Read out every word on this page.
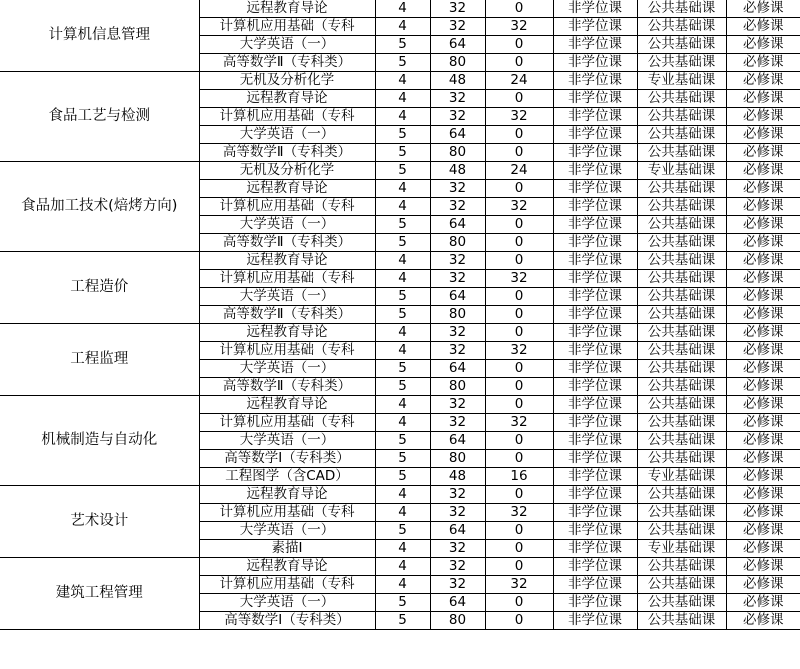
计算机信息管理	远程教育导论	4	32	0	非学位课	公共基础课	必修课
	计算机应用基础（专科	4	32	32	非学位课	公共基础课	必修课
	大学英语（一）	5	64	0	非学位课	公共基础课	必修课
	高等数学Ⅱ（专科类）	5	80	0	非学位课	公共基础课	必修课
食品工艺与检测	无机及分析化学	4	48	24	非学位课	专业基础课	必修课
	远程教育导论	4	32	0	非学位课	公共基础课	必修课
	计算机应用基础（专科	4	32	32	非学位课	公共基础课	必修课
	大学英语（一）	5	64	0	非学位课	公共基础课	必修课
	高等数学Ⅱ（专科类）	5	80	0	非学位课	公共基础课	必修课
食品加工技术(焙烤方向)	无机及分析化学	5	48	24	非学位课	专业基础课	必修课
	远程教育导论	4	32	0	非学位课	公共基础课	必修课
	计算机应用基础（专科	4	32	32	非学位课	公共基础课	必修课
	大学英语（一）	5	64	0	非学位课	公共基础课	必修课
	高等数学Ⅱ（专科类）	5	80	0	非学位课	公共基础课	必修课
工程造价	远程教育导论	4	32	0	非学位课	公共基础课	必修课
	计算机应用基础（专科	4	32	32	非学位课	公共基础课	必修课
	大学英语（一）	5	64	0	非学位课	公共基础课	必修课
	高等数学Ⅱ（专科类）	5	80	0	非学位课	公共基础课	必修课
工程监理	远程教育导论	4	32	0	非学位课	公共基础课	必修课
	计算机应用基础（专科	4	32	32	非学位课	公共基础课	必修课
	大学英语（一）	5	64	0	非学位课	公共基础课	必修课
	高等数学Ⅱ（专科类）	5	80	0	非学位课	公共基础课	必修课
机械制造与自动化	远程教育导论	4	32	0	非学位课	公共基础课	必修课
	计算机应用基础（专科	4	32	32	非学位课	公共基础课	必修课
	大学英语（一）	5	64	0	非学位课	公共基础课	必修课
	高等数学Ⅰ（专科类）	5	80	0	非学位课	公共基础课	必修课
	工程图学（含CAD）	5	48	16	非学位课	专业基础课	必修课
艺术设计	远程教育导论	4	32	0	非学位课	公共基础课	必修课
	计算机应用基础（专科	4	32	32	非学位课	公共基础课	必修课
	大学英语（一）	5	64	0	非学位课	公共基础课	必修课
	素描Ⅰ	4	32	0	非学位课	专业基础课	必修课
建筑工程管理	远程教育导论	4	32	0	非学位课	公共基础课	必修课
	计算机应用基础（专科	4	32	32	非学位课	公共基础课	必修课
	大学英语（一）	5	64	0	非学位课	公共基础课	必修课
	高等数学Ⅰ（专科类）	5	80	0	非学位课	公共基础课	必修课
